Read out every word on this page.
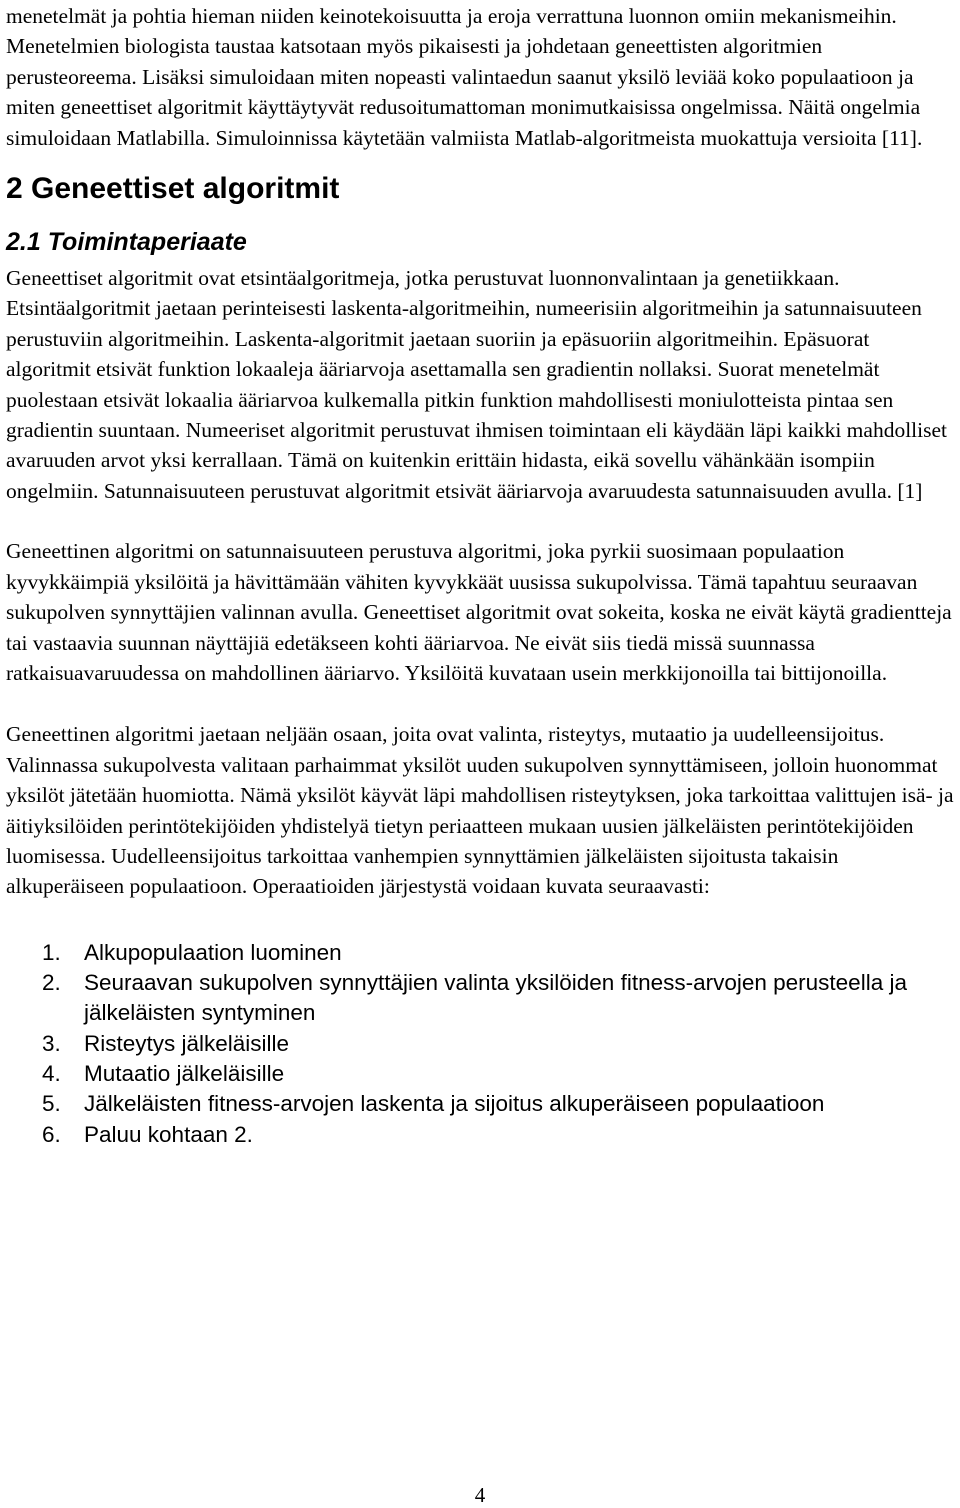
menetelmät ja pohtia hieman niiden keinotekoisuutta ja eroja verrattuna luonnon omiin mekanismeihin. Menetelmien biologista taustaa katsotaan myös pikaisesti ja johdetaan geneettisten algoritmien perusteoreema. Lisäksi simuloidaan miten nopeasti valintaedun saanut yksilö leviää koko populaatioon ja miten geneettiset algoritmit käyttäytyvät redusoitumattoman monimutkaisissa ongelmissa. Näitä ongelmia simuloidaan Matlabilla. Simuloinnissa käytetään valmiista Matlab-algoritmeista muokattuja versioita [11].

2 Geneettiset algoritmit
2.1 Toimintaperiaate

Geneettiset algoritmit ovat etsintäalgoritmeja, jotka perustuvat luonnonvalintaan ja genetiikkaan. Etsintäalgoritmit jaetaan perinteisesti laskenta-algoritmeihin, numeerisiin algoritmeihin ja satunnaisuuteen perustuviin algoritmeihin. Laskenta-algoritmit jaetaan suoriin ja epäsuoriin algoritmeihin. Epäsuorat algoritmit etsivät funktion lokaaleja ääriarvoja asettamalla sen gradientin nollaksi. Suorat menetelmät puolestaan etsivät lokaalia ääriarvoa kulkemalla pitkin funktion mahdollisesti moniulotteista pintaa sen gradientin suuntaan. Numeeriset algoritmit perustuvat ihmisen toimintaan eli käydään läpi kaikki mahdolliset avaruuden arvot yksi kerrallaan. Tämä on kuitenkin erittäin hidasta, eikä sovellu vähänkään isompiin ongelmiin. Satunnaisuuteen perustuvat algoritmit etsivät ääriarvoja avaruudesta satunnaisuuden avulla. [1]

Geneettinen algoritmi on satunnaisuuteen perustuva algoritmi, joka pyrkii suosimaan populaation kyvykkäimpiä yksilöitä ja hävittämään vähiten kyvykkäät uusissa sukupolvissa. Tämä tapahtuu seuraavan sukupolven synnyttäjien valinnan avulla. Geneettiset algoritmit ovat sokeita, koska ne eivät käytä gradientteja tai vastaavia suunnan näyttäjiä edetäkseen kohti ääriarvoa. Ne eivät siis tiedä missä suunnassa ratkaisuavaruudessa on mahdollinen ääriarvo. Yksilöitä kuvataan usein merkkijonoilla tai bittijonoilla.

Geneettinen algoritmi jaetaan neljään osaan, joita ovat valinta, risteytys, mutaatio ja uudelleensijoitus. Valinnassa sukupolvesta valitaan parhaimmat yksilöt uuden sukupolven synnyttämiseen, jolloin huonommat yksilöt jätetään huomiotta. Nämä yksilöt käyvät läpi mahdollisen risteytyksen, joka tarkoittaa valittujen isä- ja äitiyksilöiden perintötekijöiden yhdistelyä tietyn periaatteen mukaan uusien jälkeläisten perintötekijöiden luomisessa. Uudelleensijoitus tarkoittaa vanhempien synnyttämien jälkeläisten sijoitusta takaisin alkuperäiseen populaatioon. Operaatioiden järjestystä voidaan kuvata seuraavasti:

1.	Alkupopulaation luominen
2.	Seuraavan sukupolven synnyttäjien valinta yksilöiden fitness-arvojen perusteella ja jälkeläisten syntyminen
3.	Risteytys jälkeläisille
4.	Mutaatio jälkeläisille
5.	Jälkeläisten fitness-arvojen laskenta ja sijoitus alkuperäiseen populaatioon
6.	Paluu kohtaan 2.
4
